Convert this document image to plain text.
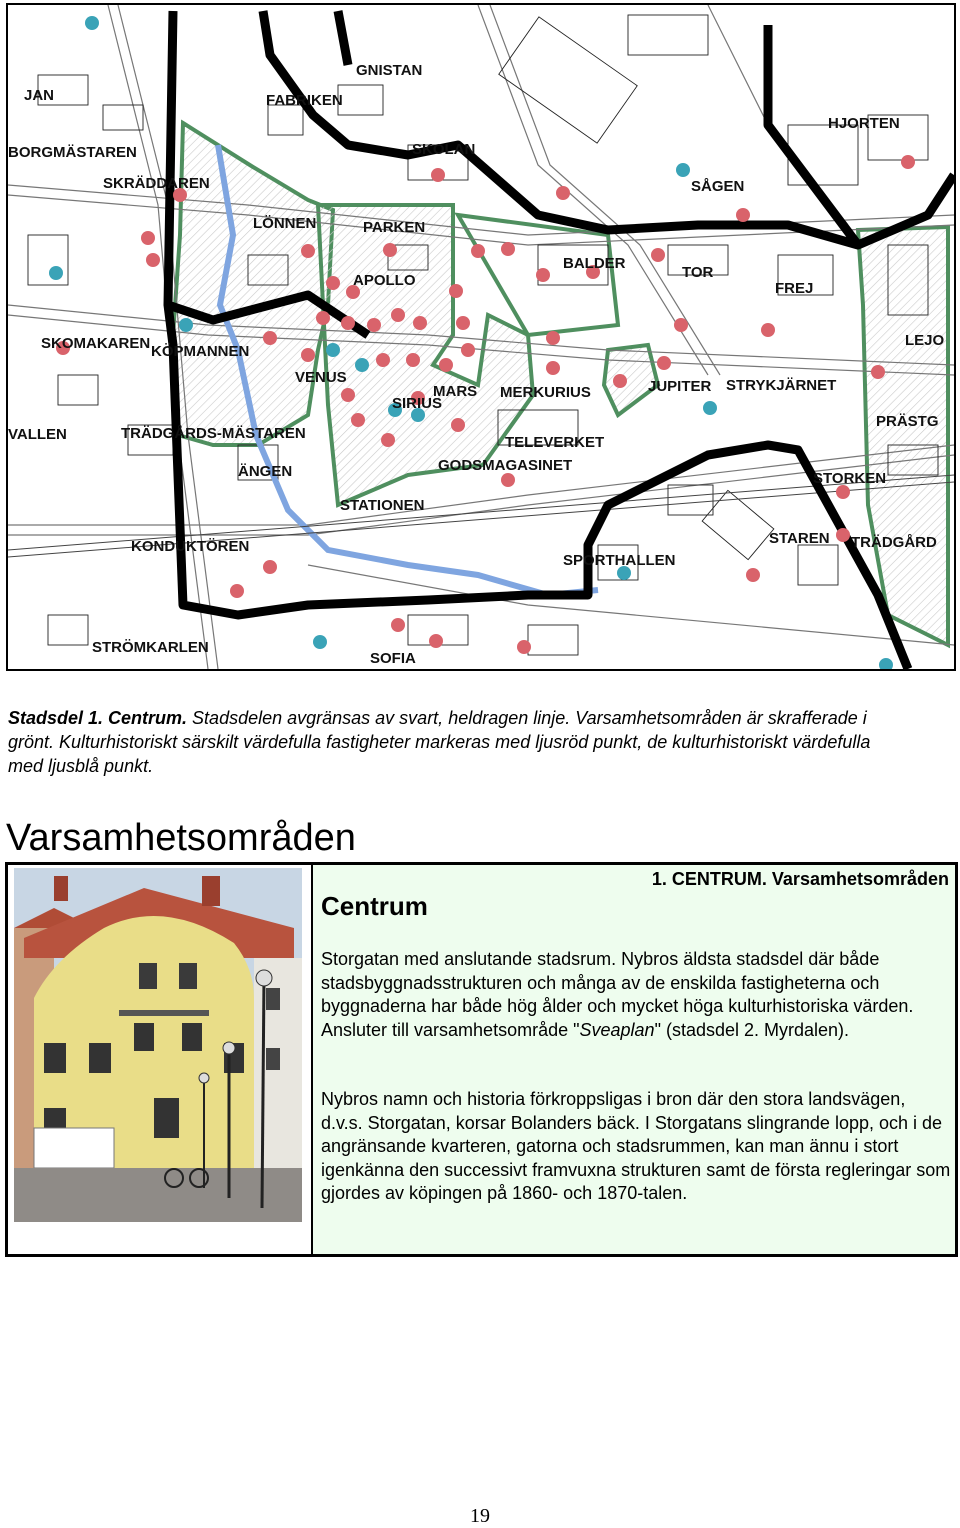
GNISTAN
FABRIKEN
SKOLAN
HJORTEN
BORGMÄSTAREN
SKRÄDDAREN	SÅGEN
LÖNNEN	PARKEN
BALDER
TOR
FREJ
APOLLO
SKOMAKAREN KÖPMANNEN
VENUS
MARS MERKURIUS	JUPITER STRYKJÄRNET
LEJO
SIRIUS
TRÄDGÅRDS-MÄSTAREN
VALLEN
PRÄSTG
ÄNGEN
TELEVERKET
GODSMAGASINET
STORKEN
STATIONEN
KONDUKTÖREN	STAREN TRÄDGÅRD
SPORTHALLEN
STRÖMKARLEN
SOFIA
JAN

Stadsdel 1. Centrum. Stadsdelen avgränsas av svart, heldragen linje. Varsamhetsområden är skrafferade i grönt. Kulturhistoriskt särskilt värdefulla fastigheter markeras med ljusröd punkt, de kulturhistoriskt värdefulla med ljusblå punkt.

Varsamhetsområden
Centrum
1. CENTRUM. Varsamhetsområden

Storgatan med anslutande stadsrum. Nybros äldsta stadsdel där både stadsbyggnadsstrukturen och många av de enskilda fastigheterna och byggnaderna har både hög ålder och mycket höga kulturhistoriska värden. Ansluter till varsamhetsområde "Sveaplan" (stadsdel 2. Myrdalen).

Nybros namn och historia förkroppsligas i bron där den stora landsvägen, d.v.s. Storgatan, korsar Bolanders bäck. I Storgatans slingrande lopp, och i de angränsande kvarteren, gatorna och stadsrummen, kan man ännu i stort igenkänna den successivt framvuxna strukturen samt de första regleringar som gjordes av köpingen på 1860- och 1870-talen.

19
